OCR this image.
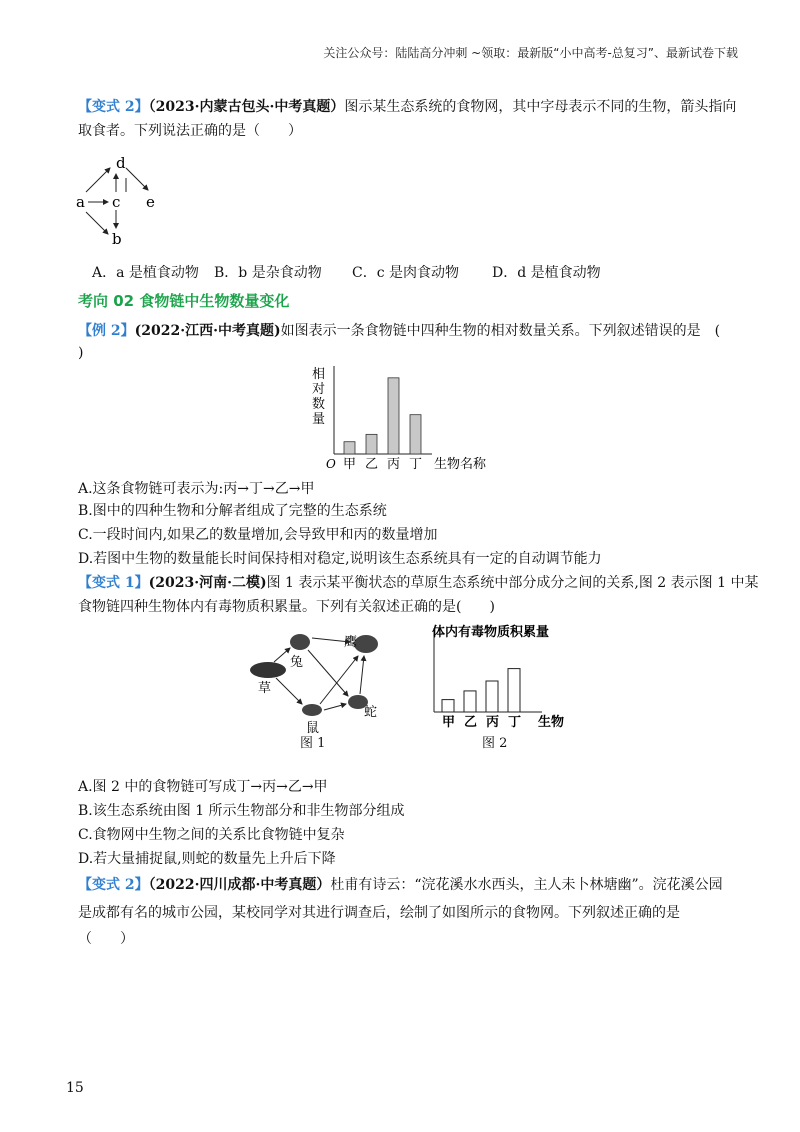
关注公众号：陆陆高分冲刺 ~领取：最新版“小中高考-总复习”、最新试卷下载
【变式 2】（2023·内蒙古包头·中考真题）图示某生态系统的食物网，其中字母表示不同的生物，箭头指向
取食者。下列说法正确的是（　　）
d
a c e
b
A．a 是植食动物 B．b 是杂食动物 C．c 是肉食动物 D．d 是植食动物
考向 02 食物链中生物数量变化
【例 2】(2022·江西·中考真题)如图表示一条食物链中四种生物的相对数量关系。下列叙述错误的是　(
)
O
相
对
数
量
甲 乙 丙 丁 生物名称
A.这条食物链可表示为:丙→丁→乙→甲
B.图中的四种生物和分解者组成了完整的生态系统
C.一段时间内,如果乙的数量增加,会导致甲和丙的数量增加
D.若图中生物的数量能长时间保持相对稳定,说明该生态系统具有一定的自动调节能力
【变式 1】(2023·河南·二模)图 1 表示某平衡状态的草原生态系统中部分成分之间的关系,图 2 表示图 1 中某
食物链四种生物体内有毒物质积累量。下列有关叙述正确的是(　　)
兔
鹰
草
鼠
蛇
图 1
体内有毒物质积累量
甲 乙 丙 丁 生物
图 2
A.图 2 中的食物链可写成丁→丙→乙→甲
B.该生态系统由图 1 所示生物部分和非生物部分组成
C.食物网中生物之间的关系比食物链中复杂
D.若大量捕捉鼠,则蛇的数量先上升后下降
【变式 2】（2022·四川成都·中考真题）杜甫有诗云：“浣花溪水水西头，主人未卜林塘幽”。浣花溪公园
是成都有名的城市公园，某校同学对其进行调查后，绘制了如图所示的食物网。下列叙述正确的是
（　　）
15
